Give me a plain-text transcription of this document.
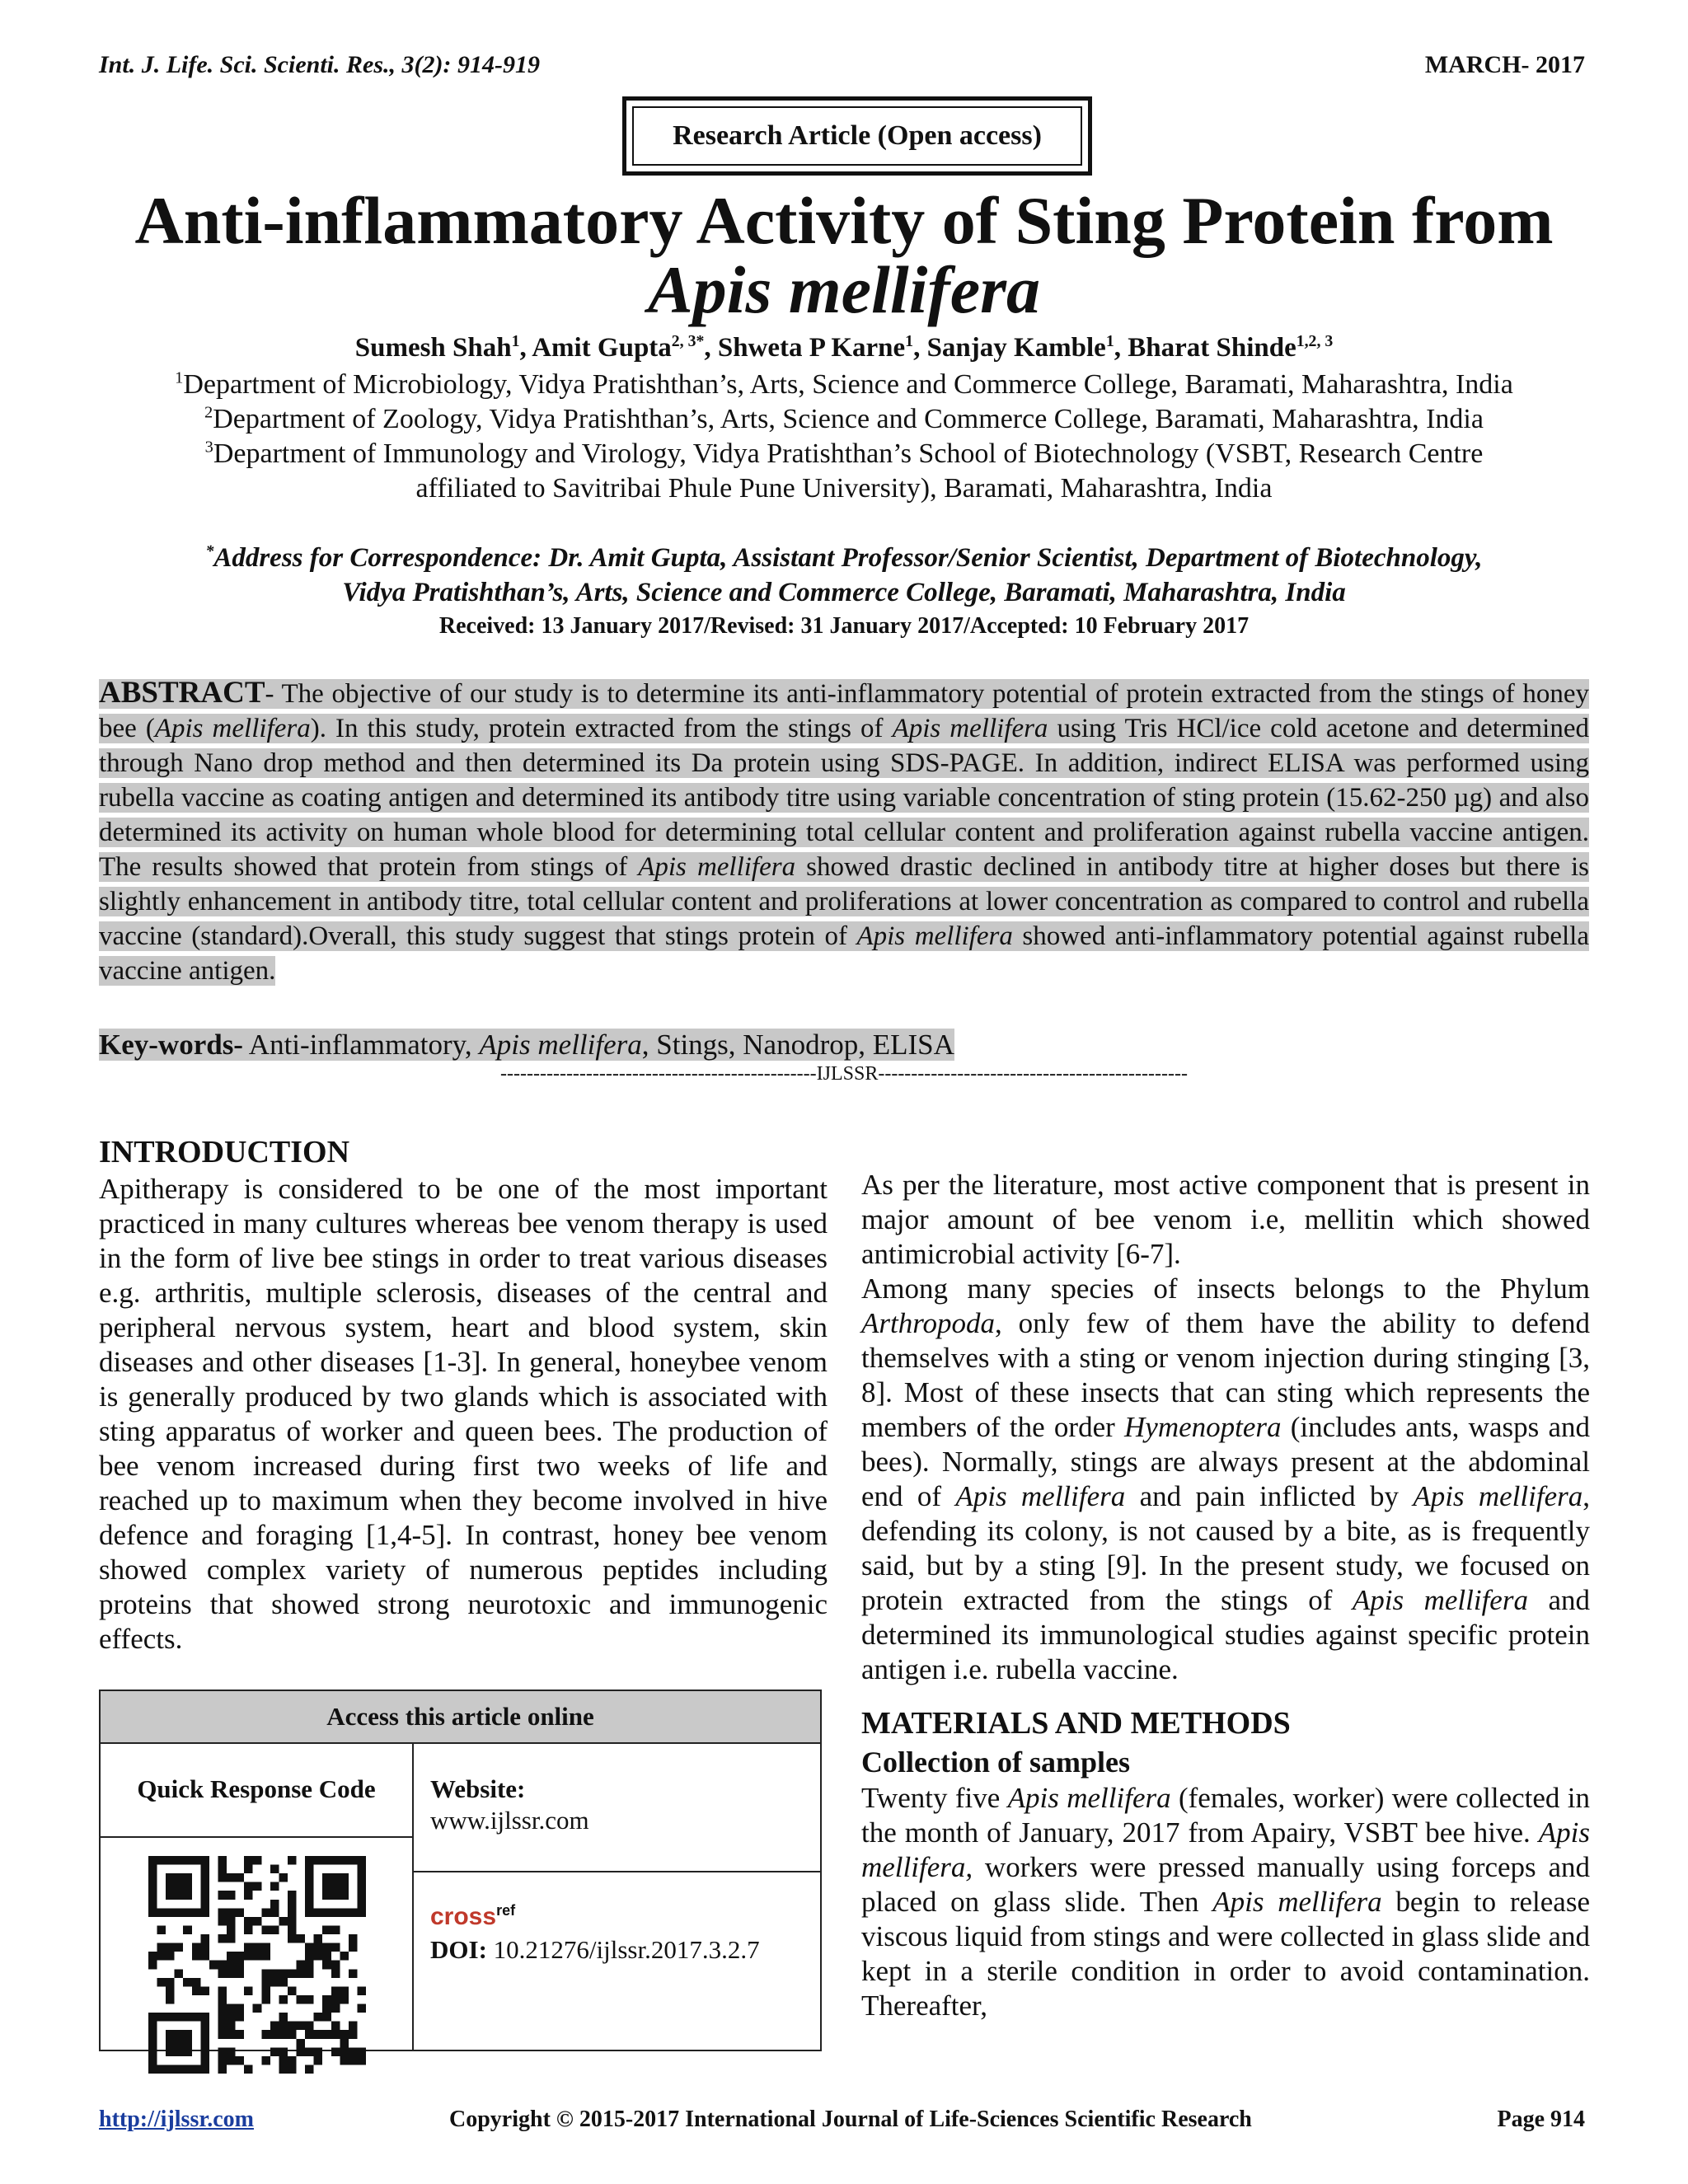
Int. J. Life. Sci. Scienti. Res., 3(2): 914-919	MARCH- 2017
Research Article (Open access)
Anti-inflammatory Activity of Sting Protein from
Apis mellifera
Sumesh Shah$^1$, Amit Gupta$^{2, 3*}$, Shweta P Karne$^1$, Sanjay Kamble$^1$, Bharat Shinde$^{1,2, 3}$
$^1$Department of Microbiology, Vidya Pratishthan’s, Arts, Science and Commerce College, Baramati, Maharashtra, India
$^2$Department of Zoology, Vidya Pratishthan’s, Arts, Science and Commerce College, Baramati, Maharashtra, India
$^3$Department of Immunology and Virology, Vidya Pratishthan’s School of Biotechnology (VSBT, Research Centre
affiliated to Savitribai Phule Pune University), Baramati, Maharashtra, India
*Address for Correspondence: Dr. Amit Gupta, Assistant Professor/Senior Scientist, Department of Biotechnology,
Vidya Pratishthan’s, Arts, Science and Commerce College, Baramati, Maharashtra, India
Received: 13 January 2017/Revised: 31 January 2017/Accepted: 10 February 2017
ABSTRACT- The objective of our study is to determine its anti-inflammatory potential of protein extracted from the stings of honey bee (Apis mellifera). In this study, protein extracted from the stings of Apis mellifera using Tris HCl/ice cold acetone and determined through Nano drop method and then determined its Da protein using SDS-PAGE. In addition, indirect ELISA was performed using rubella vaccine as coating antigen and determined its antibody titre using variable concentration of sting protein (15.62-250 µg) and also determined its activity on human whole blood for determining total cellular content and proliferation against rubella vaccine antigen. The results showed that protein from stings of Apis mellifera showed drastic declined in antibody titre at higher doses but there is slightly enhancement in antibody titre, total cellular content and proliferations at lower concentration as compared to control and rubella vaccine (standard).Overall, this study suggest that stings protein of Apis mellifera showed anti-inflammatory potential against rubella vaccine antigen.
Key-words- Anti-inflammatory, Apis mellifera, Stings, Nanodrop, ELISA
------------------------------------------------IJLSSR-----------------------------------------------
INTRODUCTION

Apitherapy is considered to be one of the most important practiced in many cultures whereas bee venom therapy is used in the form of live bee stings in order to treat various diseases e.g. arthritis, multiple sclerosis, diseases of the central and peripheral nervous system, heart and blood system, skin diseases and other diseases [1-3]. In general, honeybee venom is generally produced by two glands which is associated with sting apparatus of worker and queen bees. The production of bee venom increased during first two weeks of life and reached up to maximum when they become involved in hive defence and foraging [1,4-5]. In contrast, honey bee venom showed complex variety of numerous peptides including proteins that showed strong neurotoxic and immunogenic effects.

As per the literature, most active component that is present in major amount of bee venom i.e, mellitin which showed antimicrobial activity [6-7].

Among many species of insects belongs to the Phylum Arthropoda, only few of them have the ability to defend themselves with a sting or venom injection during stinging [3, 8]. Most of these insects that can sting which represents the members of the order Hymenoptera (includes ants, wasps and bees). Normally, stings are always present at the abdominal end of Apis mellifera and pain inflicted by Apis mellifera, defending its colony, is not caused by a bite, as is frequently said, but by a sting [9]. In the present study, we focused on protein extracted from the stings of Apis mellifera and determined its immunological studies against specific protein antigen i.e. rubella vaccine.

MATERIALS AND METHODS
Collection of samples

Twenty five Apis mellifera (females, worker) were collected in the month of January, 2017 from Apairy, VSBT bee hive. Apis mellifera, workers were pressed manually using forceps and placed on glass slide. Then Apis mellifera begin to release viscous liquid from stings and were collected in glass slide and kept in a sterile condition in order to avoid contamination. Thereafter,

Access this article online
Quick Response Code	Website:
www.ijlssr.com
cross$^{ref}$
DOI: 10.21276/ijlssr.2017.3.2.7
http://ijlssr.com	Copyright © 2015-2017 International Journal of Life-Sciences Scientific Research	Page 914
